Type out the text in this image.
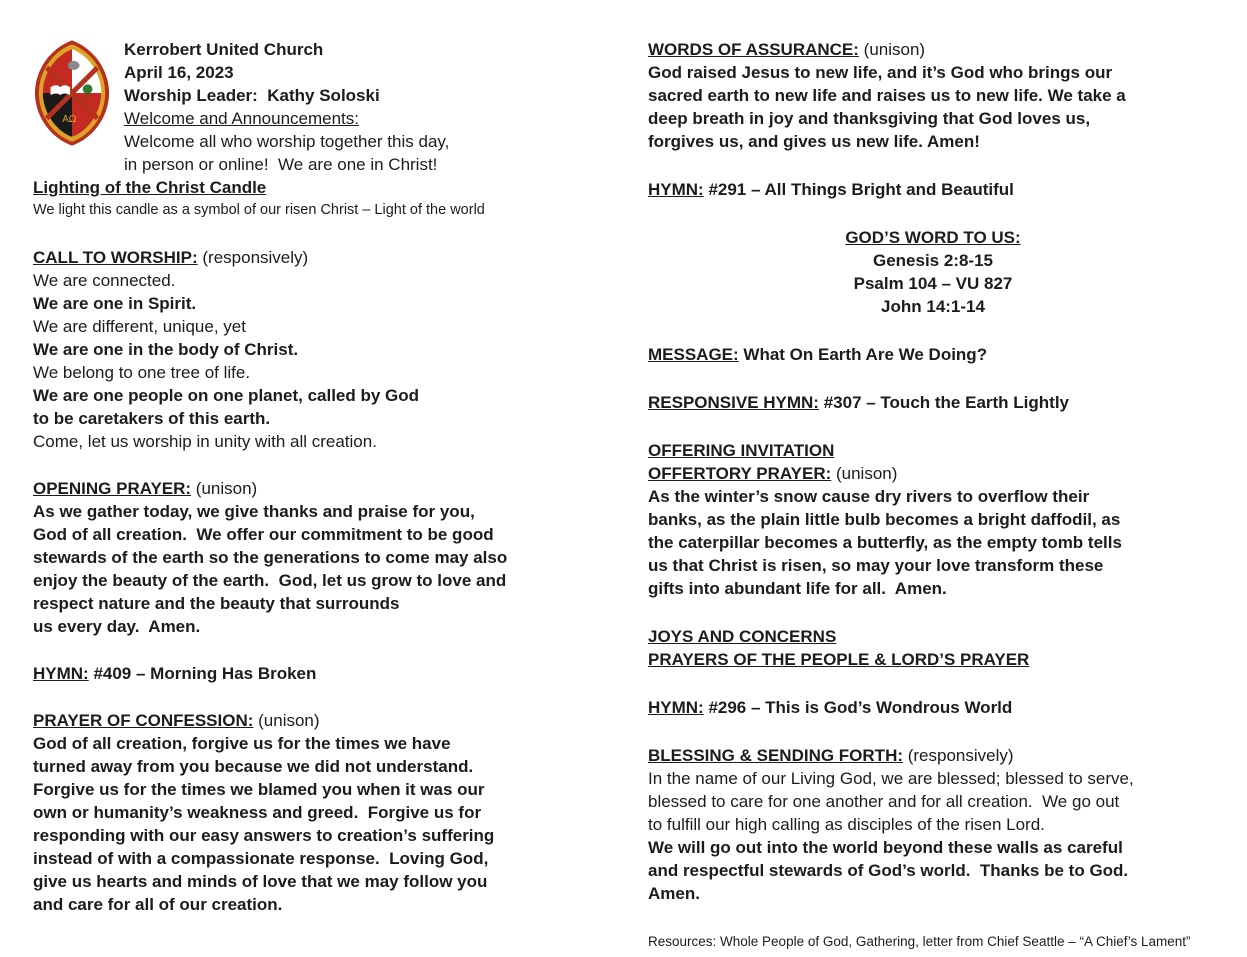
ΑΩ
Kerrobert United Church
April 16, 2023
Worship Leader:  Kathy Soloski
Welcome and Announcements:
Welcome all who worship together this day,
in person or online!  We are one in Christ!
Lighting of the Christ Candle
We light this candle as a symbol of our risen Christ – Light of the world
CALL TO WORSHIP: (responsively)
We are connected.
We are one in Spirit.
We are different, unique, yet
We are one in the body of Christ.
We belong to one tree of life.
We are one people on one planet, called by God
to be caretakers of this earth.
Come, let us worship in unity with all creation.
OPENING PRAYER: (unison)
As we gather today, we give thanks and praise for you,
God of all creation.  We offer our commitment to be good
stewards of the earth so the generations to come may also
enjoy the beauty of the earth.  God, let us grow to love and
respect nature and the beauty that surrounds
us every day.  Amen.
HYMN: #409 – Morning Has Broken
PRAYER OF CONFESSION: (unison)
God of all creation, forgive us for the times we have
turned away from you because we did not understand.
Forgive us for the times we blamed you when it was our
own or humanity’s weakness and greed.  Forgive us for
responding with our easy answers to creation’s suffering
instead of with a compassionate response.  Loving God,
give us hearts and minds of love that we may follow you
and care for all of our creation.
WORDS OF ASSURANCE: (unison)
God raised Jesus to new life, and it’s God who brings our
sacred earth to new life and raises us to new life. We take a
deep breath in joy and thanksgiving that God loves us,
forgives us, and gives us new life. Amen!
HYMN: #291 – All Things Bright and Beautiful
GOD’S WORD TO US:
Genesis 2:8-15
Psalm 104 – VU 827
John 14:1-14
MESSAGE: What On Earth Are We Doing?
RESPONSIVE HYMN: #307 – Touch the Earth Lightly
OFFERING INVITATION
OFFERTORY PRAYER: (unison)
As the winter’s snow cause dry rivers to overflow their
banks, as the plain little bulb becomes a bright daffodil, as
the caterpillar becomes a butterfly, as the empty tomb tells
us that Christ is risen, so may your love transform these
gifts into abundant life for all.  Amen.
JOYS AND CONCERNS
PRAYERS OF THE PEOPLE & LORD’S PRAYER
HYMN: #296 – This is God’s Wondrous World
BLESSING & SENDING FORTH: (responsively)
In the name of our Living God, we are blessed; blessed to serve,
blessed to care for one another and for all creation.  We go out
to fulfill our high calling as disciples of the risen Lord.
We will go out into the world beyond these walls as careful
and respectful stewards of God’s world.  Thanks be to God.
Amen.
Resources: Whole People of God, Gathering, letter from Chief Seattle – “A Chief’s Lament”
